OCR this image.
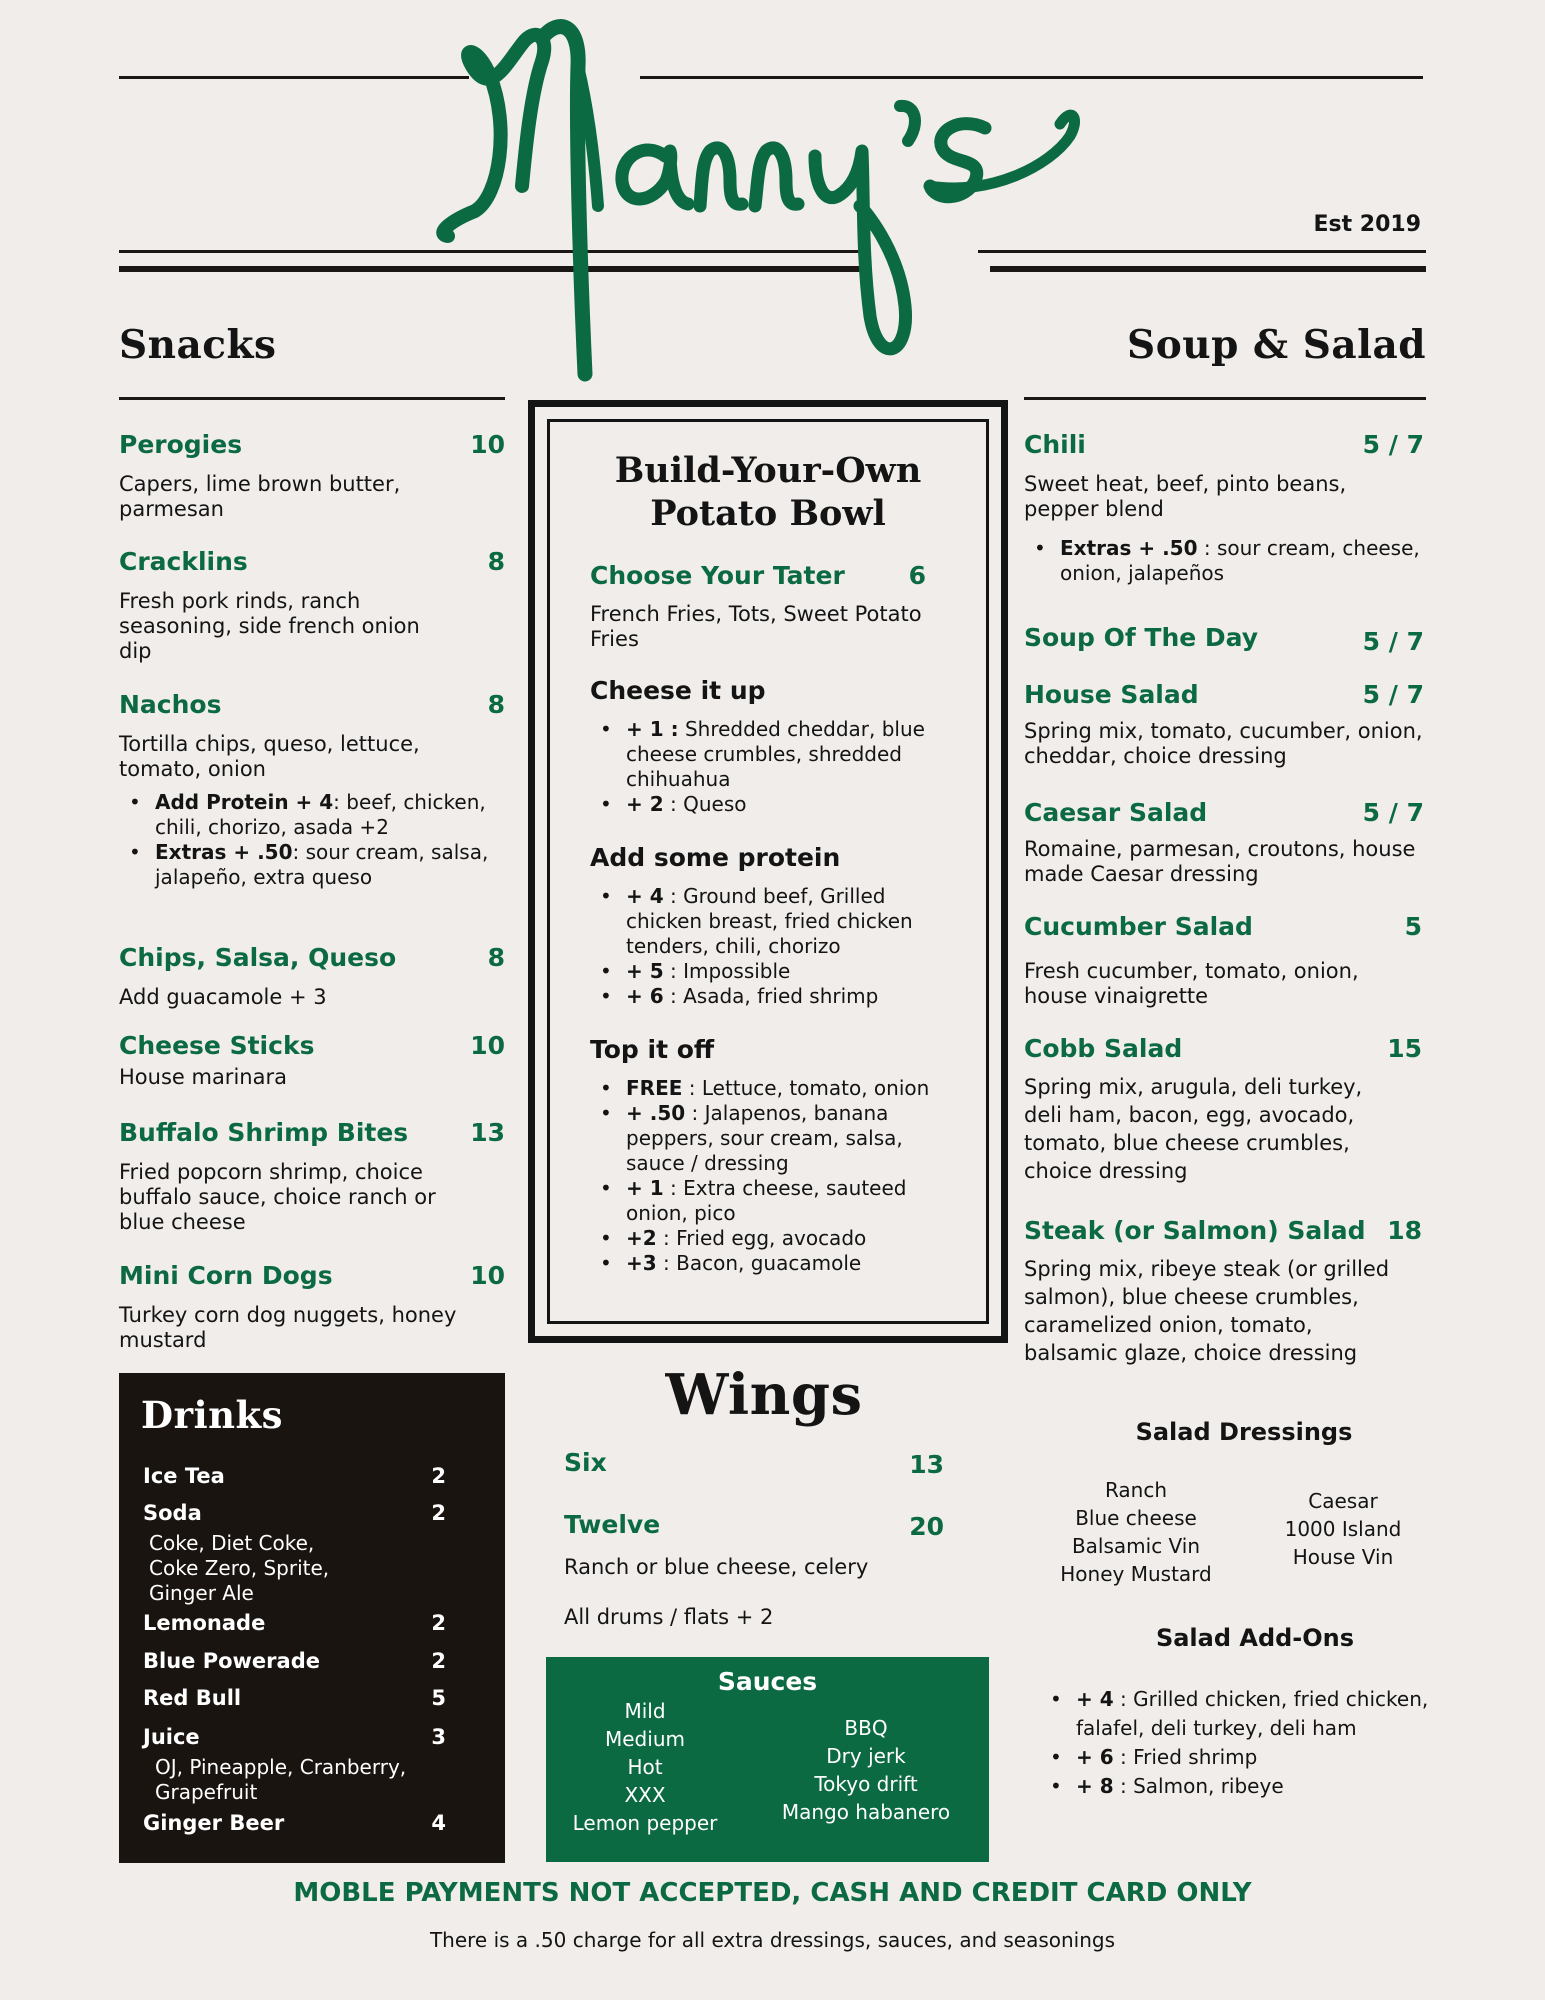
Manny's
Est 2019
Snacks	Soup & Salad
Perogies	10
Capers, lime brown butter, parmesan
Cracklins	8
Fresh pork rinds, ranch seasoning, side french onion dip
Nachos	8
Tortilla chips, queso, lettuce, tomato, onion
• Add Protein + 4: beef, chicken, chili, chorizo, asada +2
• Extras + .50: sour cream, salsa, jalapeño, extra queso
Chips, Salsa, Queso	8
Add guacamole + 3
Cheese Sticks	10
House marinara
Buffalo Shrimp Bites	13
Fried popcorn shrimp, choice buffalo sauce, choice ranch or blue cheese
Mini Corn Dogs	10
Turkey corn dog nuggets, honey mustard
Build-Your-Own
Potato Bowl
Choose Your Tater	6
French Fries, Tots, Sweet Potato Fries
Cheese it up
• + 1 : Shredded cheddar, blue cheese crumbles, shredded chihuahua
• + 2 : Queso
Add some protein
• + 4 : Ground beef, Grilled chicken breast, fried chicken tenders, chili, chorizo
• + 5 : Impossible
• + 6 : Asada, fried shrimp
Top it off
• FREE : Lettuce, tomato, onion
• + .50 : Jalapenos, banana peppers, sour cream, salsa, sauce / dressing
• + 1 : Extra cheese, sauteed onion, pico
• +2 : Fried egg, avocado
• +3 : Bacon, guacamole
Chili	5 / 7
Sweet heat, beef, pinto beans, pepper blend
• Extras + .50 : sour cream, cheese, onion, jalapeños
Soup Of The Day	5 / 7
House Salad	5 / 7
Spring mix, tomato, cucumber, onion, cheddar, choice dressing
Caesar Salad	5 / 7
Romaine, parmesan, croutons, house made Caesar dressing
Cucumber Salad	5
Fresh cucumber, tomato, onion, house vinaigrette
Cobb Salad	15
Spring mix, arugula, deli turkey, deli ham, bacon, egg, avocado, tomato, blue cheese crumbles, choice dressing
Steak (or Salmon) Salad 18
Spring mix, ribeye steak (or grilled salmon), blue cheese crumbles, caramelized onion, tomato, balsamic glaze, choice dressing
Salad Dressings
Ranch
Blue cheese
Balsamic Vin
Honey Mustard
Caesar
1000 Island
House Vin
Salad Add-Ons
• + 4 : Grilled chicken, fried chicken, falafel, deli turkey, deli ham
• + 6 : Fried shrimp
• + 8 : Salmon, ribeye
Drinks
Ice Tea	2
Soda	2
Coke, Diet Coke, Coke Zero, Sprite, Ginger Ale
Lemonade	2
Blue Powerade	2
Red Bull	5
Juice	3
OJ, Pineapple, Cranberry, Grapefruit
Ginger Beer	4
Wings
Six	13
Twelve	20
Ranch or blue cheese, celery
All drums / flats + 2
Sauces
Mild
Medium
Hot
XXX
Lemon pepper
BBQ
Dry jerk
Tokyo drift
Mango habanero
MOBLE PAYMENTS NOT ACCEPTED, CASH AND CREDIT CARD ONLY
There is a .50 charge for all extra dressings, sauces, and seasonings
